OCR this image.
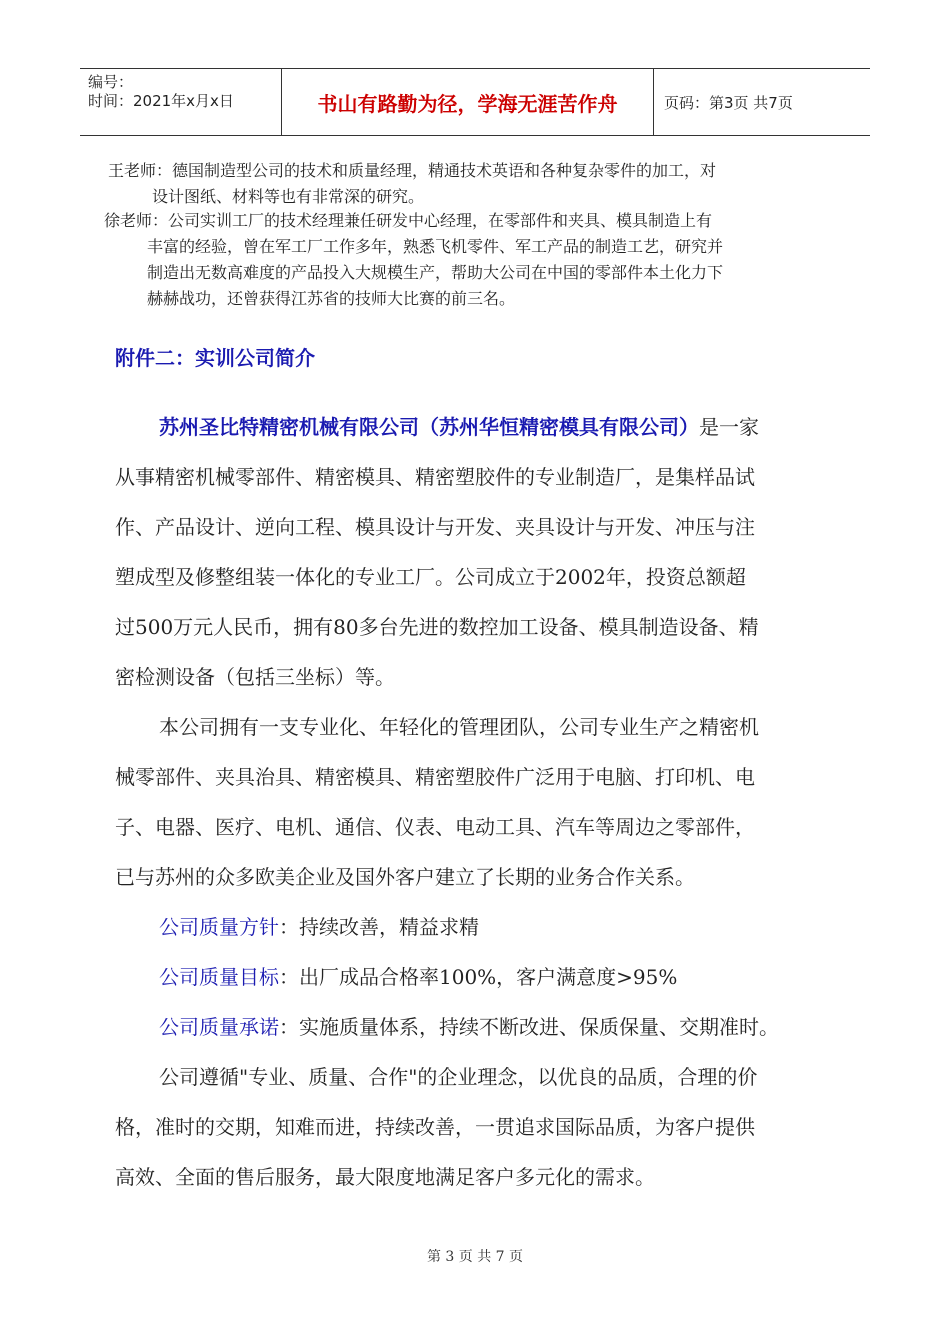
编号：
时间：2021年x月x日	书山有路勤为径，学海无涯苦作舟	页码：第3页 共7页
王老师：德国制造型公司的技术和质量经理，精通技术英语和各种复杂零件的加工，对
设计图纸、材料等也有非常深的研究。
徐老师：公司实训工厂的技术经理兼任研发中心经理，在零部件和夹具、模具制造上有
丰富的经验，曾在军工厂工作多年，熟悉飞机零件、军工产品的制造工艺，研究并
制造出无数高难度的产品投入大规模生产，帮助大公司在中国的零部件本土化力下
赫赫战功，还曾获得江苏省的技师大比赛的前三名。
附件二：实训公司简介
苏州圣比特精密机械有限公司（苏州华恒精密模具有限公司）是一家
从事精密机械零部件、精密模具、精密塑胶件的专业制造厂，是集样品试
作、产品设计、逆向工程、模具设计与开发、夹具设计与开发、冲压与注
塑成型及修整组装一体化的专业工厂。公司成立于2002年，投资总额超
过500万元人民币，拥有80多台先进的数控加工设备、模具制造设备、精
密检测设备（包括三坐标）等。
本公司拥有一支专业化、年轻化的管理团队，公司专业生产之精密机
械零部件、夹具治具、精密模具、精密塑胶件广泛用于电脑、打印机、电
子、电器、医疗、电机、通信、仪表、电动工具、汽车等周边之零部件，
已与苏州的众多欧美企业及国外客户建立了长期的业务合作关系。
公司质量方针：持续改善，精益求精
公司质量目标：出厂成品合格率100%，客户满意度>95%
公司质量承诺：实施质量体系，持续不断改进、保质保量、交期准时。
公司遵循"专业、质量、合作"的企业理念，以优良的品质，合理的价
格，准时的交期，知难而进，持续改善，一贯追求国际品质，为客户提供
高效、全面的售后服务，最大限度地满足客户多元化的需求。
第 3 页 共 7 页
